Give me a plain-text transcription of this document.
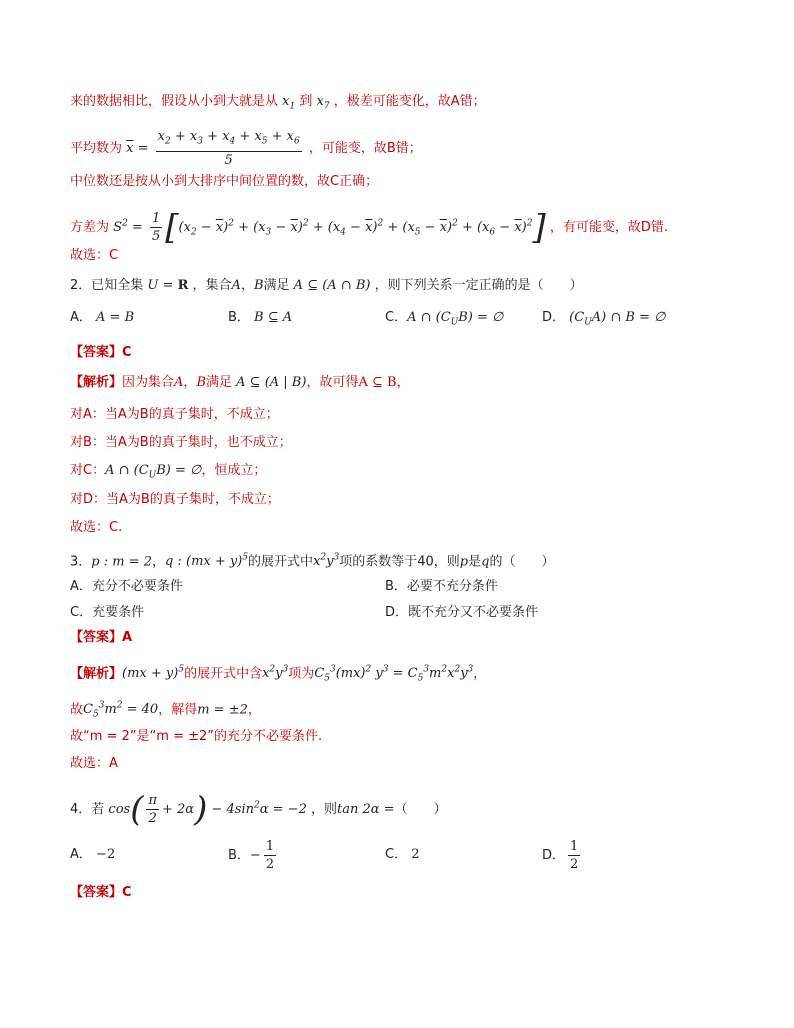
来的数据相比，假设从小到大就是从 $x_1$ 到 $x_7$ ，极差可能变化，故A错；
平均数为 $\overline{x} = \frac{x_2 + x_3 + x_4 + x_5 + x_6}{5}$ ，可能变，故B错；
中位数还是按从小到大排序中间位置的数，故C正确；
方差为 $S^2 = \frac{1}{5} [(x_2 - \overline{x})^2 + (x_3 - \overline{x})^2 + (x_4 - \overline{x})^2 + (x_5 - \overline{x})^2 + (x_6 - \overline{x})^2]$ ，有可能变，故D错.
故选：C
2．已知全集 U = R ，集合A，B满足 A ⊆ (A ∩ B) ，则下列关系一定正确的是（　　）
A． A = B	B． B ⊆ A	C．A ∩ $(C_UB)$ = ∅	D． $(C_UA)$ ∩ B = ∅
【答案】C
【解析】因为集合A，B满足 A ⊆ (A | B)，故可得A ⊆ B，
对A：当A为B的真子集时，不成立；
对B：当A为B的真子集时，也不成立；
对C：A ∩ $(C_UB)$ = ∅，恒成立；
对D：当A为B的真子集时，不成立；
故选：C.
3．p : m = 2，q : (mx + y)$^5$的展开式中$x^2y^3$项的系数等于40，则p是q的（　　）
A．充分不必要条件	B．必要不充分条件
C．充要条件	D．既不充分又不必要条件
【答案】A
【解析】(mx + y)$^5$的展开式中含$x^2y^3$项为$C_5^3(mx)^2$ $y^3 = C_5^3m^2x^2y^3$，
故$C_5^3m^2 = 40$，解得m = ±2，
故“m = 2”是“m = ±2”的充分不必要条件.
故选：A
4．若 $\cos( \frac{\pi}{2} + 2\alpha) - 4\sin^2\alpha = -2$ ，则tan 2α =（　　）
A． −2	B．− $\frac{1}{2}$	C． 2	D． $\frac{1}{2}$
【答案】C
